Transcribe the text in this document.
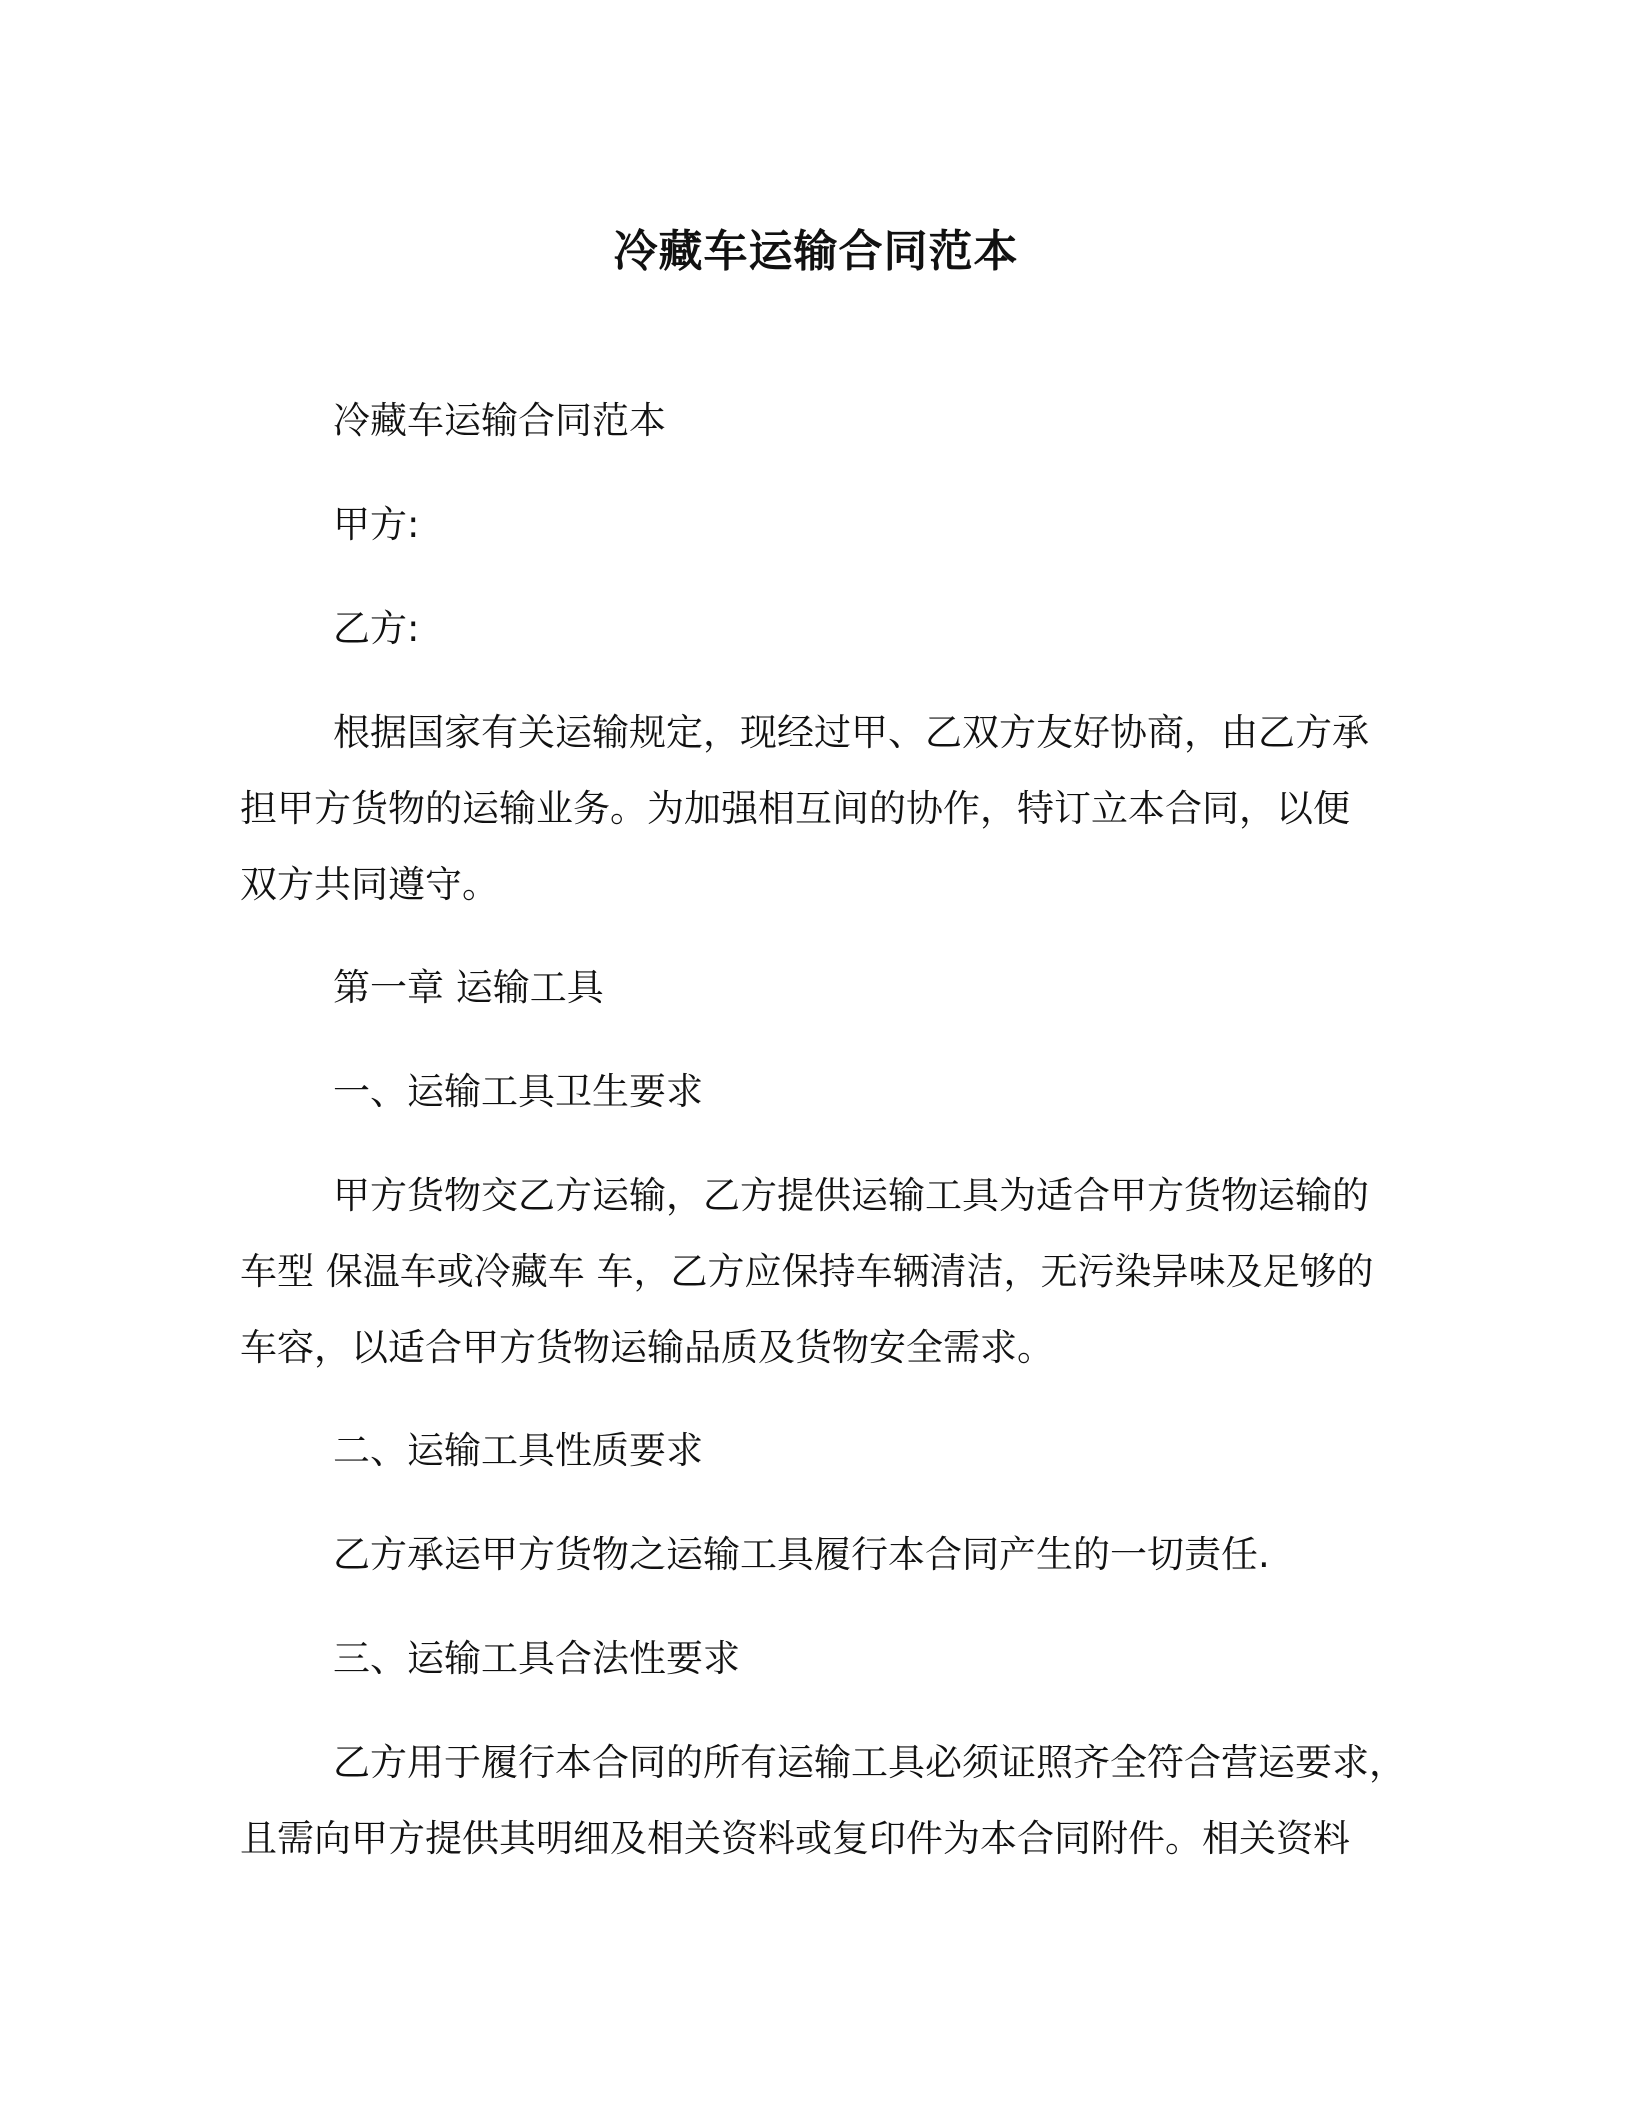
冷藏车运输合同范本

冷藏车运输合同范本

甲方:

乙方:

根据国家有关运输规定，现经过甲、乙双方友好协商，由乙方承

担甲方货物的运输业务。为加强相互间的协作，特订立本合同，以便

双方共同遵守。

第一章 运输工具

一、运输工具卫生要求

甲方货物交乙方运输，乙方提供运输工具为适合甲方货物运输的

车型 保温车或冷藏车 车，乙方应保持车辆清洁，无污染异味及足够的

车容，以适合甲方货物运输品质及货物安全需求。

二、运输工具性质要求

乙方承运甲方货物之运输工具履行本合同产生的一切责任.

三、运输工具合法性要求

乙方用于履行本合同的所有运输工具必须证照齐全符合营运要求，

且需向甲方提供其明细及相关资料或复印件为本合同附件。相关资料
